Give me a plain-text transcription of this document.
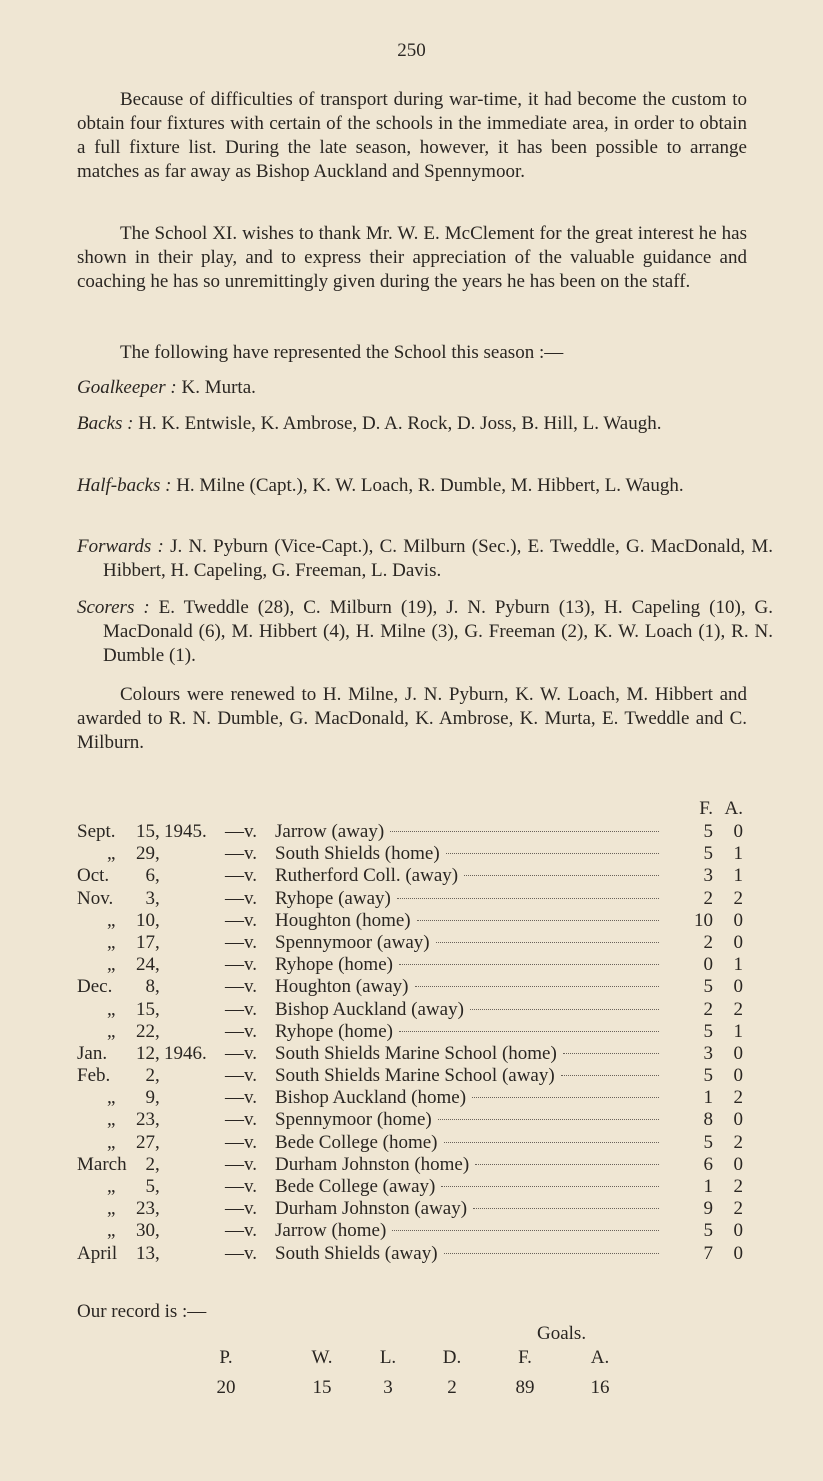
250

Because of difficulties of transport during war-time, it had become the custom to obtain four fixtures with certain of the schools in the immediate area, in order to obtain a full fixture list. During the late season, however, it has been possible to arrange matches as far away as Bishop Auckland and Spennymoor.

The School XI. wishes to thank Mr. W. E. McClement for the great interest he has shown in their play, and to express their appreciation of the valuable guidance and coaching he has so unremittingly given during the years he has been on the staff.

The following have represented the School this season :—

Goalkeeper : K. Murta.

Backs : H. K. Entwisle, K. Ambrose, D. A. Rock, D. Joss, B. Hill, L. Waugh.

Half-backs : H. Milne (Capt.), K. W. Loach, R. Dumble, M. Hibbert, L. Waugh.

Forwards : J. N. Pyburn (Vice-Capt.), C. Milburn (Sec.), E. Tweddle, G. MacDonald, M. Hibbert, H. Capeling, G. Freeman, L. Davis.

Scorers : E. Tweddle (28), C. Milburn (19), J. N. Pyburn (13), H. Capeling (10), G. MacDonald (6), M. Hibbert (4), H. Milne (3), G. Freeman (2), K. W. Loach (1), R. N. Dumble (1).

Colours were renewed to H. Milne, J. N. Pyburn, K. W. Loach, M. Hibbert and awarded to R. N. Dumble, G. MacDonald, K. Ambrose, K. Murta, E. Tweddle and C. Milburn.

F. A.
Sept.	15 , 1945. —v. Jarrow (away)	5	0
„	29 ,	—v. South Shields (home)	5	1
Oct.	6 ,	—v. Rutherford Coll. (away)	3	1
Nov.	3 ,	—v. Ryhope (away)	2	2
„	10 ,	—v. Houghton (home)	10	0
„	17 ,	—v. Spennymoor (away)	2	0
„	24 ,	—v. Ryhope (home)	0	1
Dec.	8 ,	—v. Houghton (away)	5	0
„	15 ,	—v. Bishop Auckland (away)	2	2
„	22 ,	—v. Ryhope (home)	5	1
Jan.	12 , 1946. —v. South Shields Marine School (home)	3	0
Feb.	2 ,	—v. South Shields Marine School (away)	5	0
„	9 ,	—v. Bishop Auckland (home)	1	2
„	23 ,	—v. Spennymoor (home)	8	0
„	27 ,	—v. Bede College (home)	5	2
March 2 ,	—v. Durham Johnston (home)	6	0
„	5 ,	—v. Bede College (away)	1	2
„	23 ,	—v. Durham Johnston (away)	9	2
„	30 ,	—v. Jarrow (home)	5	0
April 13 ,	—v. South Shields (away)	7	0
Our record is :—
Goals.
P.	W.	L.	D.	F.	A.
20	15	3	2	89	16
